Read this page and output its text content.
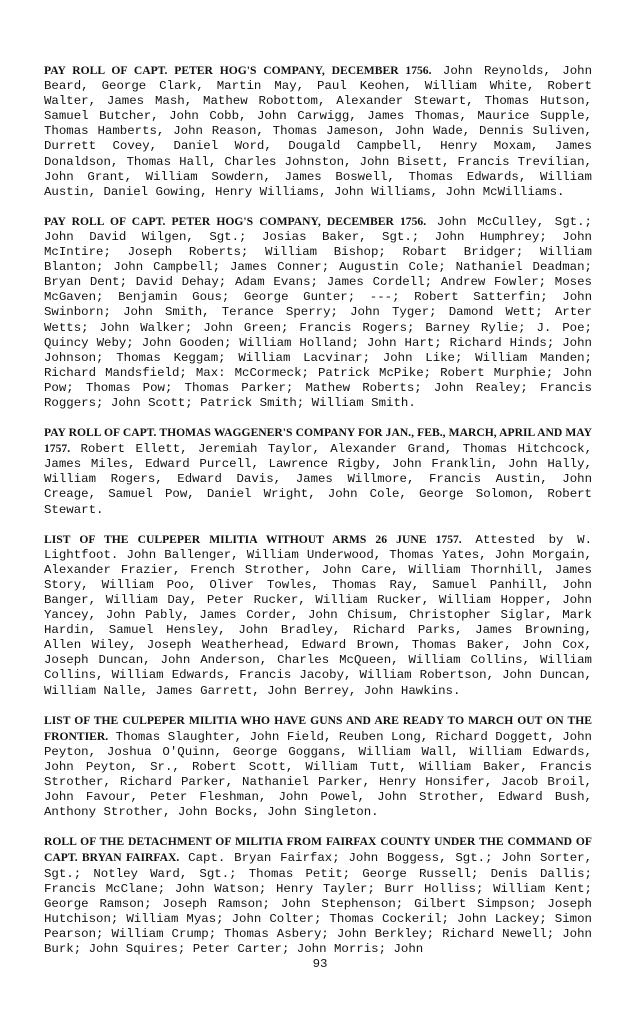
PAY ROLL OF CAPT. PETER HOG'S COMPANY, DECEMBER 1756. John Reynolds, John Beard, George Clark, Martin May, Paul Keohen, William White, Robert Walter, James Mash, Mathew Robottom, Alexander Stewart, Thomas Hutson, Samuel Butcher, John Cobb, John Carwigg, James Thomas, Maurice Supple, Thomas Hamberts, John Reason, Thomas Jameson, John Wade, Dennis Suliven, Durrett Covey, Daniel Word, Dougald Campbell, Henry Moxam, James Donaldson, Thomas Hall, Charles Johnston, John Bisett, Francis Trevilian, John Grant, William Sowdern, James Boswell, Thomas Edwards, William Austin, Daniel Gowing, Henry Williams, John Williams, John McWilliams.

PAY ROLL OF CAPT. PETER HOG'S COMPANY, DECEMBER 1756. John McCulley, Sgt.; John David Wilgen, Sgt.; Josias Baker, Sgt.; John Humphrey; John McIntire; Joseph Roberts; William Bishop; Robart Bridger; William Blanton; John Campbell; James Conner; Augustin Cole; Nathaniel Deadman; Bryan Dent; David Dehay; Adam Evans; James Cordell; Andrew Fowler; Moses McGaven; Benjamin Gous; George Gunter; ---; Robert Satterfin; John Swinborn; John Smith, Terance Sperry; John Tyger; Damond Wett; Arter Wetts; John Walker; John Green; Francis Rogers; Barney Rylie; J. Poe; Quincy Weby; John Gooden; William Holland; John Hart; Richard Hinds; John Johnson; Thomas Keggam; William Lacvinar; John Like; William Manden; Richard Mandsfield; Max: McCormeck; Patrick McPike; Robert Murphie; John Pow; Thomas Pow; Thomas Parker; Mathew Roberts; John Realey; Francis Roggers; John Scott; Patrick Smith; William Smith.

PAY ROLL OF CAPT. THOMAS WAGGENER'S COMPANY FOR JAN., FEB., MARCH, APRIL AND MAY 1757. Robert Ellett, Jeremiah Taylor, Alexander Grand, Thomas Hitchcock, James Miles, Edward Purcell, Lawrence Rigby, John Franklin, John Hally, William Rogers, Edward Davis, James Willmore, Francis Austin, John Creage, Samuel Pow, Daniel Wright, John Cole, George Solomon, Robert Stewart.

LIST OF THE CULPEPER MILITIA WITHOUT ARMS 26 JUNE 1757. Attested by W. Lightfoot. John Ballenger, William Underwood, Thomas Yates, John Morgain, Alexander Frazier, French Strother, John Care, William Thornhill, James Story, William Poo, Oliver Towles, Thomas Ray, Samuel Panhill, John Banger, William Day, Peter Rucker, William Rucker, William Hopper, John Yancey, John Pably, James Corder, John Chisum, Christopher Siglar, Mark Hardin, Samuel Hensley, John Bradley, Richard Parks, James Browning, Allen Wiley, Joseph Weatherhead, Edward Brown, Thomas Baker, John Cox, Joseph Duncan, John Anderson, Charles McQueen, William Collins, William Collins, William Edwards, Francis Jacoby, William Robertson, John Duncan, William Nalle, James Garrett, John Berrey, John Hawkins.

LIST OF THE CULPEPER MILITIA WHO HAVE GUNS AND ARE READY TO MARCH OUT ON THE FRONTIER. Thomas Slaughter, John Field, Reuben Long, Richard Doggett, John Peyton, Joshua O'Quinn, George Goggans, William Wall, William Edwards, John Peyton, Sr., Robert Scott, William Tutt, William Baker, Francis Strother, Richard Parker, Nathaniel Parker, Henry Honsifer, Jacob Broil, John Favour, Peter Fleshman, John Powel, John Strother, Edward Bush, Anthony Strother, John Bocks, John Singleton.

ROLL OF THE DETACHMENT OF MILITIA FROM FAIRFAX COUNTY UNDER THE COMMAND OF CAPT. BRYAN FAIRFAX. Capt. Bryan Fairfax; John Boggess, Sgt.; John Sorter, Sgt.; Notley Ward, Sgt.; Thomas Petit; George Russell; Denis Dallis; Francis McClane; John Watson; Henry Tayler; Burr Holliss; William Kent; George Ramson; Joseph Ramson; John Stephenson; Gilbert Simpson; Joseph Hutchison; William Myas; John Colter; Thomas Cockeril; John Lackey; Simon Pearson; William Crump; Thomas Asbery; John Berkley; Richard Newell; John Burk; John Squires; Peter Carter; John Morris; John

93
